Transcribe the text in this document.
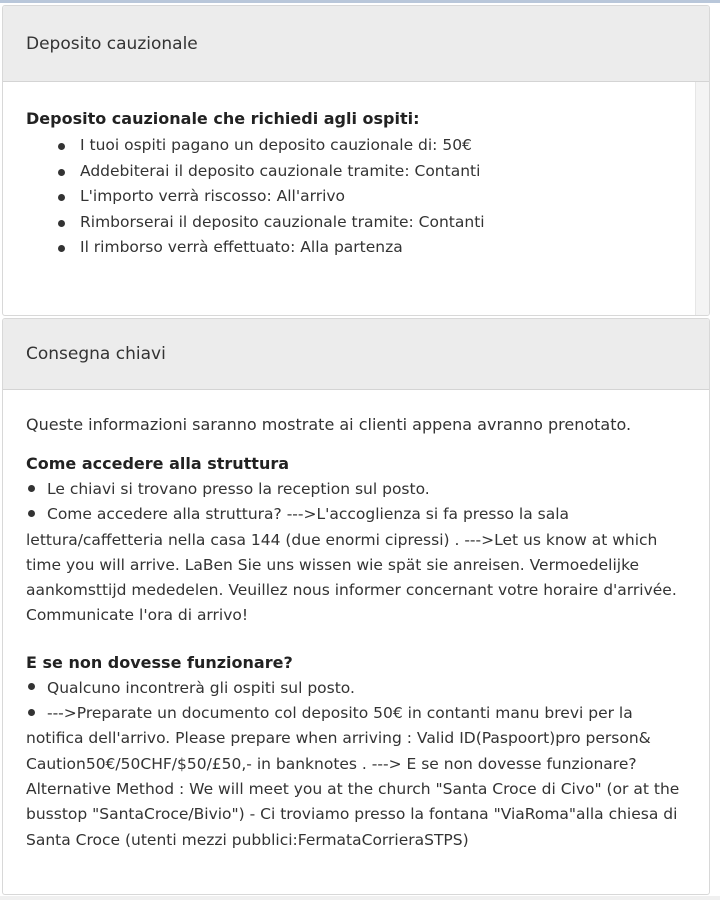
Deposito cauzionale
Deposito cauzionale che richiedi agli ospiti:
I tuoi ospiti pagano un deposito cauzionale di: 50€
Addebiterai il deposito cauzionale tramite: Contanti
L'importo verrà riscosso: All'arrivo
Rimborserai il deposito cauzionale tramite: Contanti
Il rimborso verrà effettuato: Alla partenza
Consegna chiavi
Queste informazioni saranno mostrate ai clienti appena avranno prenotato.
Come accedere alla struttura

Le chiavi si trovano presso la reception sul posto.

Come accedere alla struttura? --->L'accoglienza si fa presso la sala lettura/caffetteria nella casa 144 (due enormi cipressi) . --->Let us know at which time you will arrive. LaBen Sie uns wissen wie spät sie anreisen. Vermoedelijke aankomsttijd mededelen. Veuillez nous informer concernant votre horaire d'arrivée. Communicate l'ora di arrivo!

E se non dovesse funzionare?

Qualcuno incontrerà gli ospiti sul posto.

--->Preparate un documento col deposito 50€ in contanti manu brevi per la notifica dell'arrivo. Please prepare when arriving : Valid ID(Paspoort)pro person& Caution50€/50CHF/$50/£50,- in banknotes . ---> E se non dovesse funzionare? Alternative Method : We will meet you at the church "Santa Croce di Civo" (or at the busstop "SantaCroce/Bivio") - Ci troviamo presso la fontana "ViaRoma"alla chiesa di Santa Croce (utenti mezzi pubblici:FermataCorrieraSTPS)
